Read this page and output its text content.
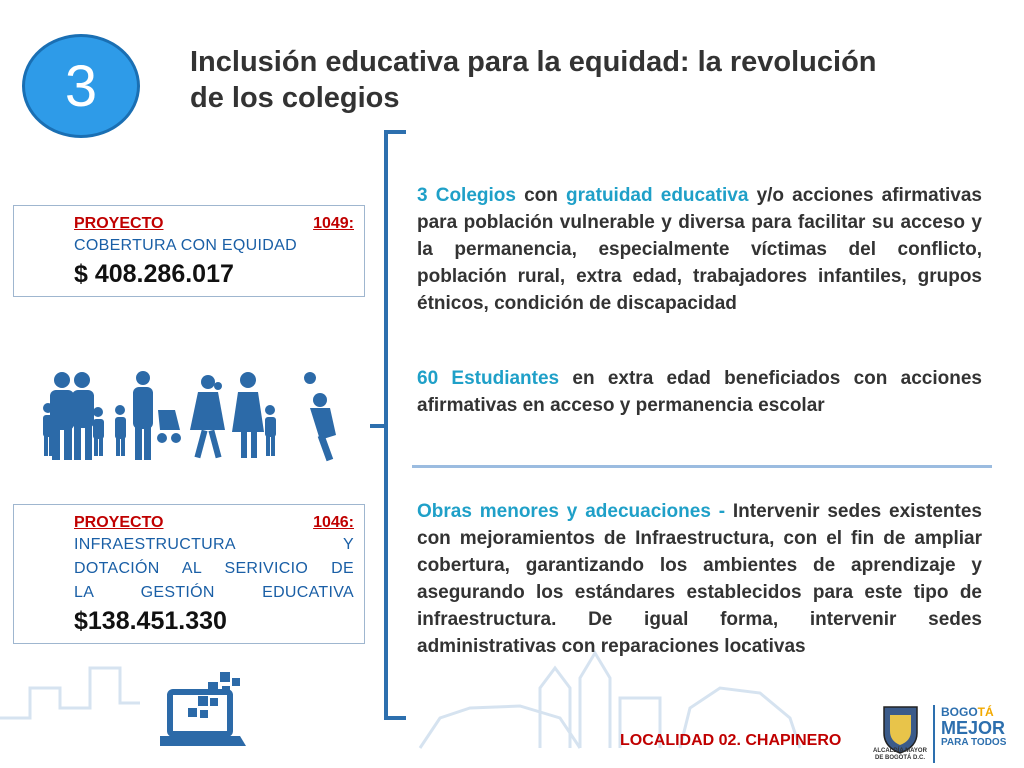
3	Inclusión educativa para la equidad: la revolución de los colegios
PROYECTO	1049:
COBERTURA CON EQUIDAD
$ 408.286.017
PROYECTO	1046:
INFRAESTRUCTURA Y
DOTACIÓN AL SERIVICIO DE
LA GESTIÓN EDUCATIVA
$138.451.330
3 Colegios con gratuidad educativa y/o acciones afirmativas para población vulnerable y diversa para facilitar su acceso y la permanencia, especialmente víctimas del conflicto, población rural, extra edad, trabajadores infantiles, grupos étnicos, condición de discapacidad
60 Estudiantes en extra edad beneficiados con acciones afirmativas en acceso y permanencia escolar
Obras menores y adecuaciones - Intervenir sedes existentes con mejoramientos de Infraestructura, con el fin de ampliar cobertura, garantizando los ambientes de aprendizaje y asegurando los estándares establecidos para este tipo de infraestructura. De igual forma, intervenir sedes administrativas con reparaciones locativas
LOCALIDAD 02. CHAPINERO
ALCALDÍA MAYOR DE BOGOTÁ D.C.
BOGOTÁ
MEJOR
PARA TODOS
